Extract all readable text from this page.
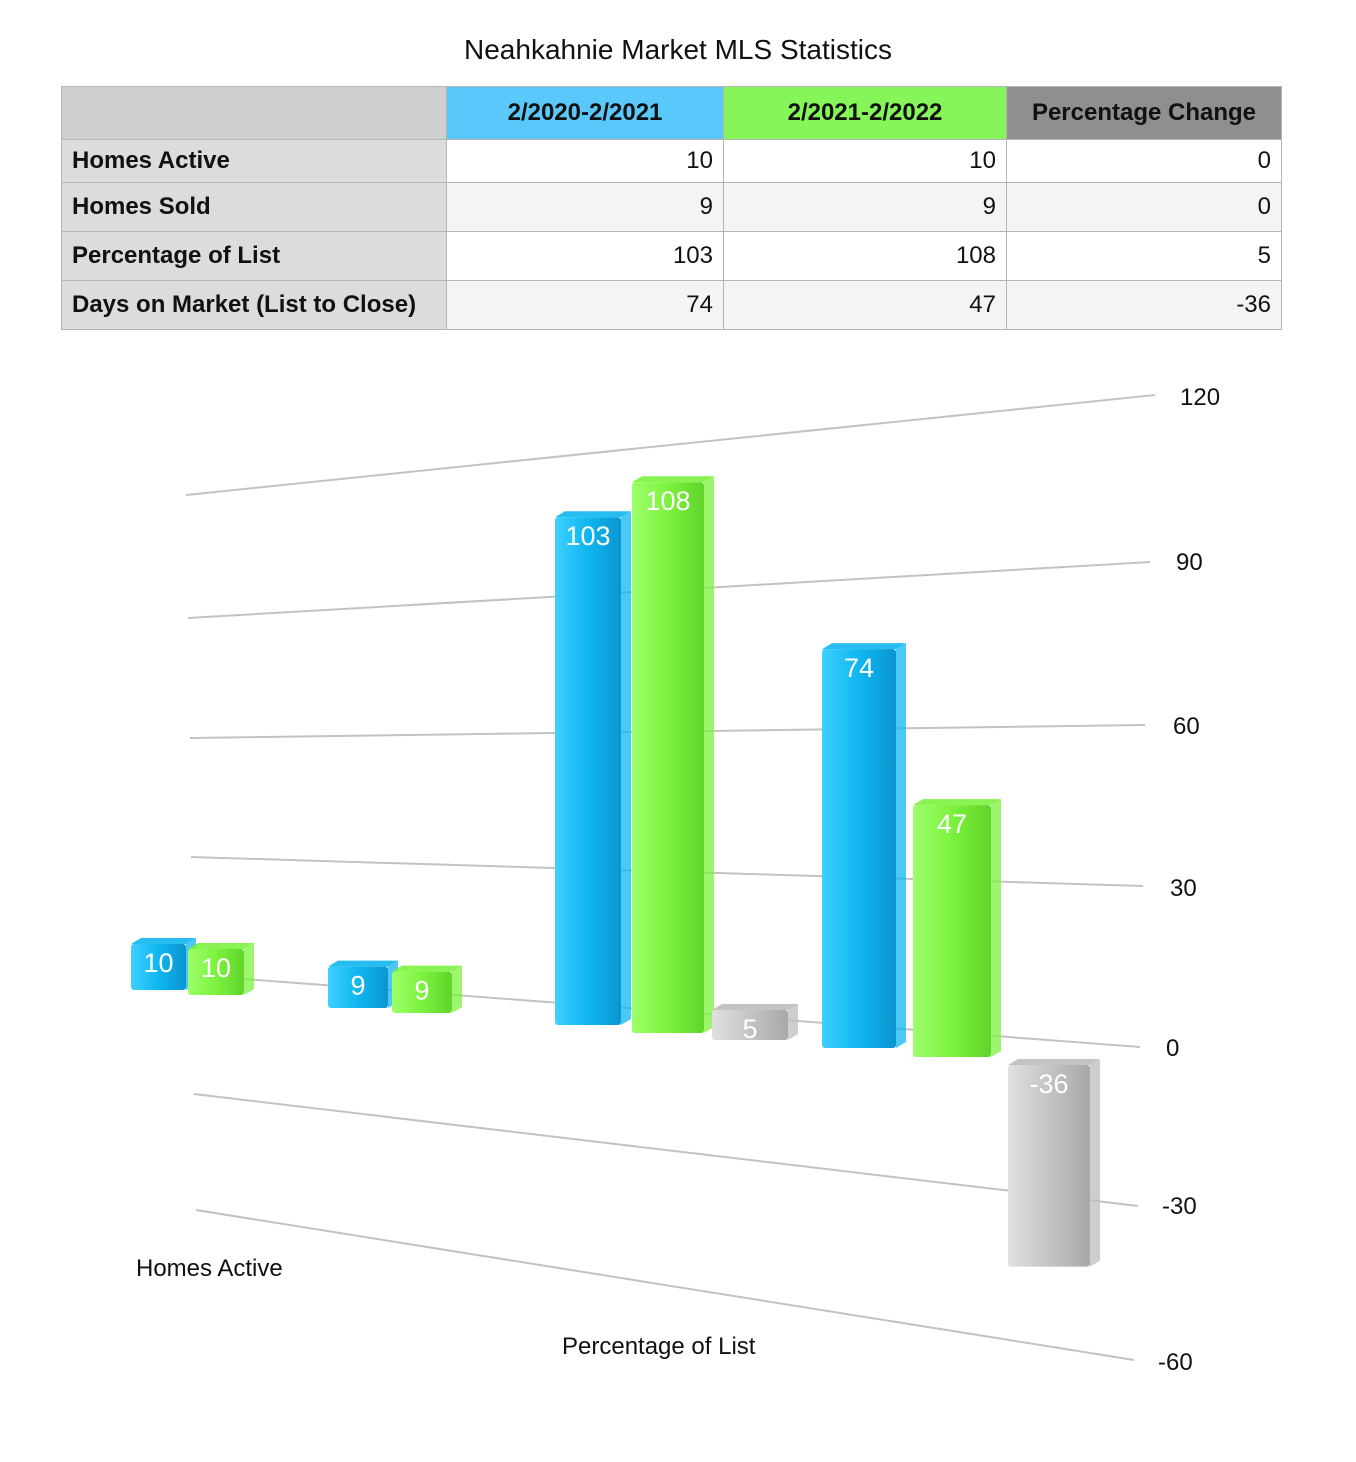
Neahkahnie Market MLS Statistics
	2/2020-2/2021	2/2021-2/2022	Percentage Change
Homes Active	10	10	0
Homes Sold	9	9	0
Percentage of List	103	108	5
Days on Market (List to Close)	74	47	-36
10 10
9 9
103
108
5
74
47
-36
120
90
60
30
0
-30
-60
Homes Active
Percentage of List
